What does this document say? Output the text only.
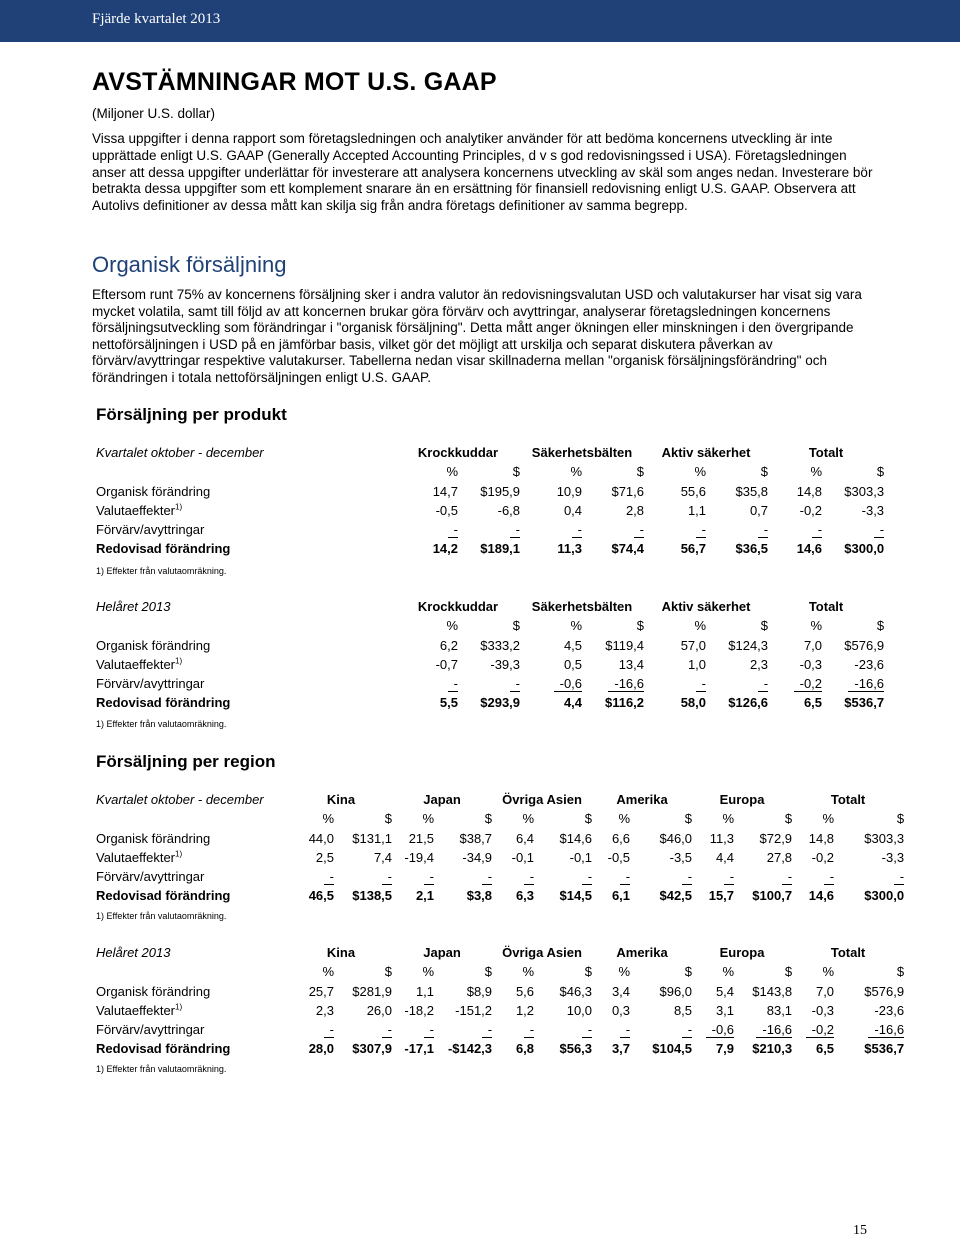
Fjärde kvartalet 2013
AVSTÄMNINGAR MOT U.S. GAAP
(Miljoner U.S. dollar)
Vissa uppgifter i denna rapport som företagsledningen och analytiker använder för att bedöma koncernens utveckling är inte upprättade enligt U.S. GAAP (Generally Accepted Accounting Principles, d v s god redovisningssed i USA). Företagsledningen anser att dessa uppgifter underlättar för investerare att analysera koncernens utveckling av skäl som anges nedan. Investerare bör betrakta dessa uppgifter som ett komplement snarare än en ersättning för finansiell redovisning enligt U.S. GAAP. Observera att Autolivs definitioner av dessa mått kan skilja sig från andra företags definitioner av samma begrepp.
Organisk försäljning
Eftersom runt 75% av koncernens försäljning sker i andra valutor än redovisningsvalutan USD och valutakurser har visat sig vara mycket volatila, samt till följd av att koncernen brukar göra förvärv och avyttringar, analyserar företagsledningen koncernens försäljningsutveckling som förändringar i "organisk försäljning". Detta mått anger ökningen eller minskningen i den övergripande nettoförsäljningen i USD på en jämförbar basis, vilket gör det möjligt att urskilja och separat diskutera påverkan av förvärv/avyttringar respektive valutakurser. Tabellerna nedan visar skillnaderna mellan "organisk försäljningsförändring" och förändringen i totala nettoförsäljningen enligt U.S. GAAP.
Försäljning per produkt
Kvartalet oktober - december	Krockkuddar		Säkerhetsbälten		Aktiv säkerhet		Totalt	
	%	$	%	$	%	$	%	$
Organisk förändring	14,7	$195,9	10,9	$71,6	55,6	$35,8	14,8	$303,3
Valutaeffekter$^{1)}$	-0,5	-6,8	0,4	2,8	1,1	0,7	-0,2	-3,3
Förvärv/avyttringar	-	-	-	-	-	-	-	-
Redovisad förändring	14,2	$189,1	11,3	$74,4	56,7	$36,5	14,6	$300,0
1) Effekter från valutaomräkning.
Helåret 2013	Krockkuddar		Säkerhetsbälten		Aktiv säkerhet		Totalt	
	%	$	%	$	%	$	%	$
Organisk förändring	6,2	$333,2	4,5	$119,4	57,0	$124,3	7,0	$576,9
Valutaeffekter$^{1)}$	-0,7	-39,3	0,5	13,4	1,0	2,3	-0,3	-23,6
Förvärv/avyttringar	-	-	-0,6	-16,6	-	-	-0,2	-16,6
Redovisad förändring	5,5	$293,9	4,4	$116,2	58,0	$126,6	6,5	$536,7
1) Effekter från valutaomräkning.
Försäljning per region
Kvartalet oktober - december	Kina		Japan		Övriga Asien		Amerika		Europa		Totalt	
	%	$	%	$	%	$	%	$	%	$	%	$
Organisk förändring	44,0	$131,1	21,5	$38,7	6,4	$14,6	6,6	$46,0	11,3	$72,9	14,8	$303,3
Valutaeffekter$^{1)}$	2,5	7,4	-19,4	-34,9	-0,1	-0,1	-0,5	-3,5	4,4	27,8	-0,2	-3,3
Förvärv/avyttringar	-	-	-	-	-	-	-	-	-	-	-	-
Redovisad förändring	46,5	$138,5	2,1	$3,8	6,3	$14,5	6,1	$42,5	15,7	$100,7	14,6	$300,0
1) Effekter från valutaomräkning.
Helåret 2013	Kina		Japan		Övriga Asien		Amerika		Europa		Totalt	
	%	$	%	$	%	$	%	$	%	$	%	$
Organisk förändring	25,7	$281,9	1,1	$8,9	5,6	$46,3	3,4	$96,0	5,4	$143,8	7,0	$576,9
Valutaeffekter$^{1)}$	2,3	26,0	-18,2	-151,2	1,2	10,0	0,3	8,5	3,1	83,1	-0,3	-23,6
Förvärv/avyttringar	-	-	-	-	-	-	-	-	-0,6	-16,6	-0,2	-16,6
Redovisad förändring	28,0	$307,9	-17,1	-$142,3	6,8	$56,3	3,7	$104,5	7,9	$210,3	6,5	$536,7
1) Effekter från valutaomräkning.
15
